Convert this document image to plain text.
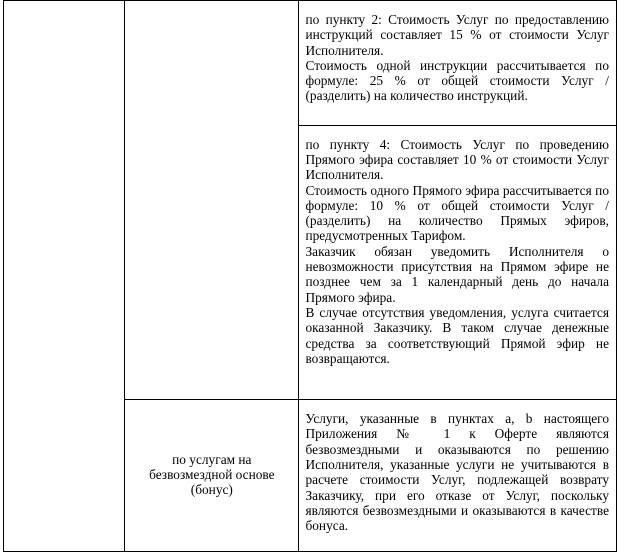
		по пункту 2: Стоимость Услуг по предоставлению инструкций составляет 15 % от стоимости Услуг Исполнителя.

Стоимость одной инструкции рассчитывается по формуле: 25 % от общей стоимости Услуг / (разделить) на количество инструкций.

		по пункту 4: Стоимость Услуг по проведению Прямого эфира составляет 10 % от стоимости Услуг Исполнителя.

Стоимость одного Прямого эфира рассчитывается по формуле: 10 % от общей стоимости Услуг / (разделить) на количество Прямых эфиров, предусмотренных Тарифом.

Заказчик обязан уведомить Исполнителя о невозможности присутствия на Прямом эфире не позднее чем за 1 календарный день до начала Прямого эфира.

В случае отсутствия уведомления, услуга считается оказанной Заказчику. В таком случае денежные средства за соответствующий Прямой эфир не возвращаются.

	по услугам на безвозмездной основе (бонус)	Услуги, указанные в пунктах a, b настоящего Приложения № 1 к Оферте являются безвозмездными и оказываются по решению Исполнителя, указанные услуги не учитываются в расчете стоимости Услуг, подлежащей возврату Заказчику, при его отказе от Услуг, поскольку являются безвозмездными и оказываются в качестве бонуса.
